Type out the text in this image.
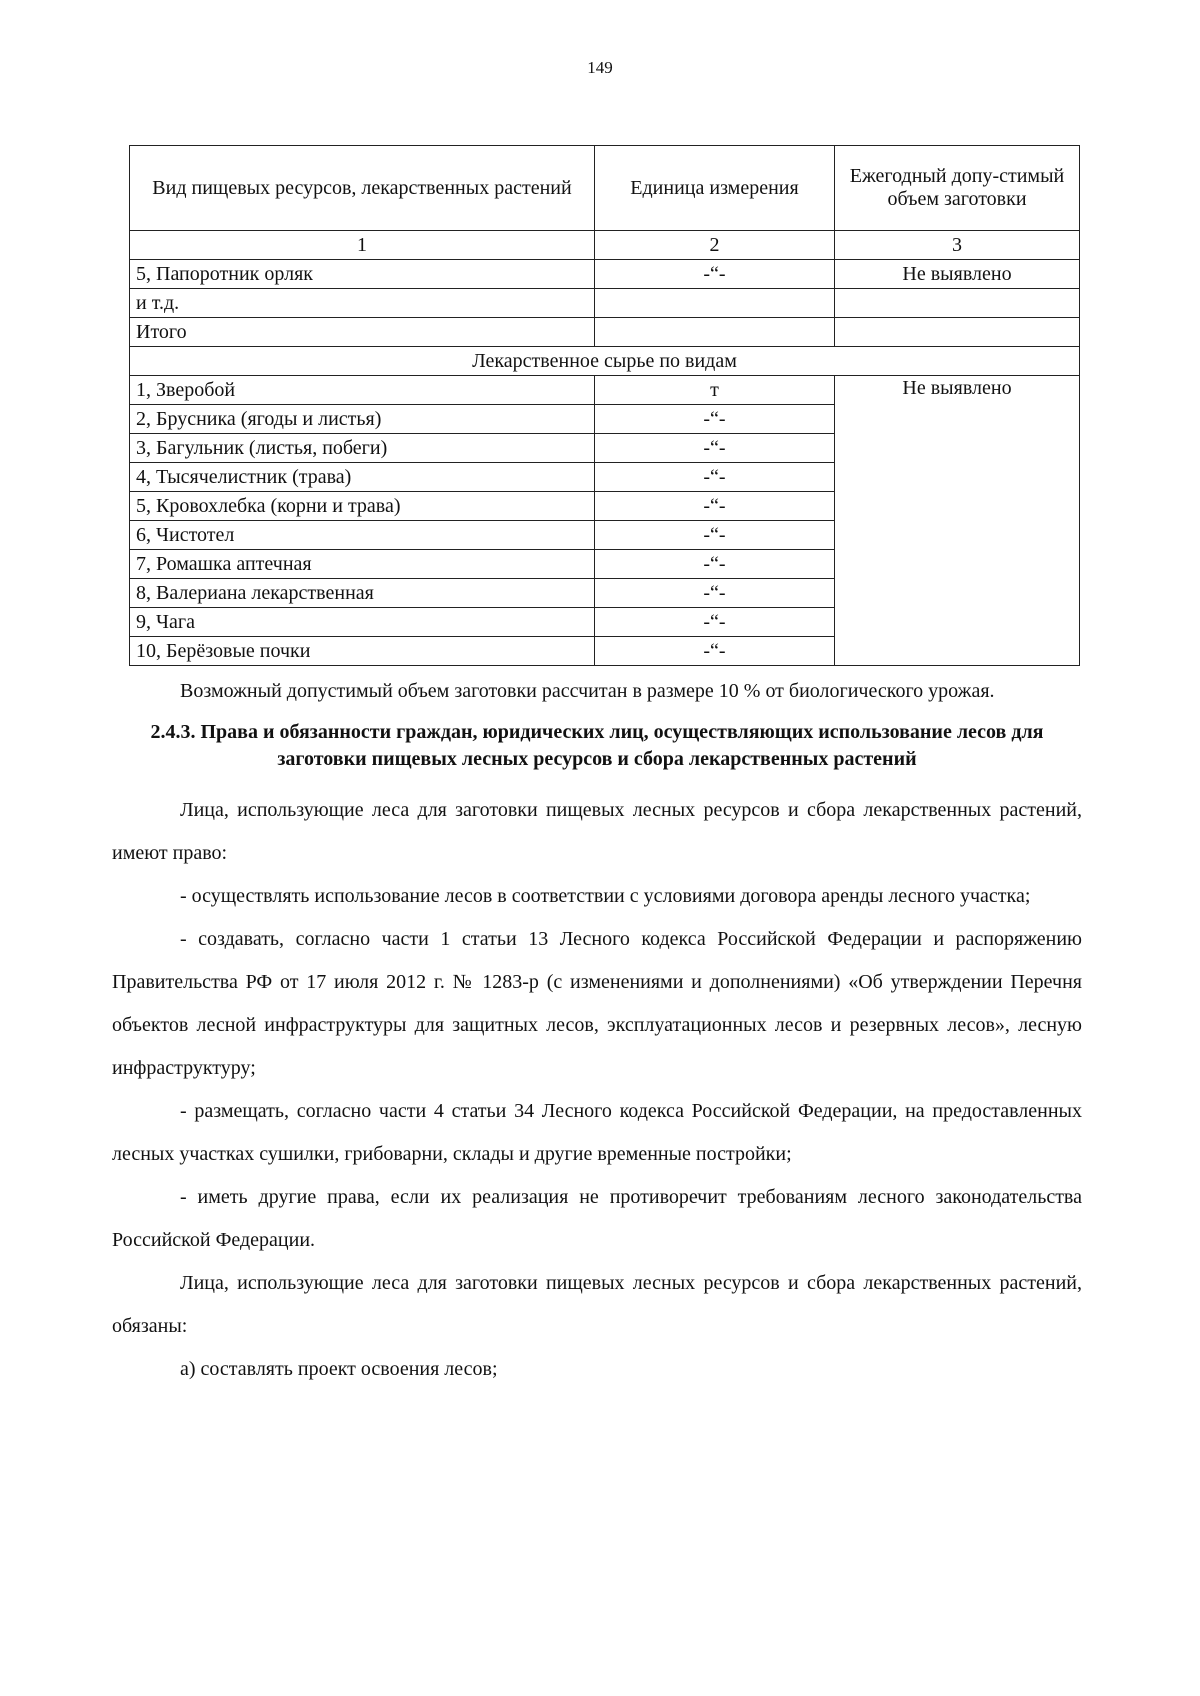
149
Вид пищевых ресурсов, лекарственных растений	Единица измерения	Ежегодный допу-стимый объем заготовки
1	2	3
5, Папоротник орляк	-“-	Не выявлено
и т.д.		
Итого		
Лекарственное сырье по видам		
1, Зверобой	т	Не выявлено
2, Брусника (ягоды и листья)	-“-	
3, Багульник (листья, побеги)	-“-	
4, Тысячелистник (трава)	-“-	
5, Кровохлебка (корни и трава)	-“-	
6, Чистотел	-“-	
7, Ромашка аптечная	-“-	
8, Валериана лекарственная	-“-	
9, Чага	-“-	
10, Берёзовые почки	-“-	

Возможный допустимый объем заготовки рассчитан в размере 10 % от биологического урожая.

2.4.3. Права и обязанности граждан, юридических лиц, осуществляющих использование лесов для заготовки пищевых лесных ресурсов и сбора лекарственных растений

Лица, использующие леса для заготовки пищевых лесных ресурсов и сбора лекарственных растений, имеют право:

- осуществлять использование лесов в соответствии с условиями договора аренды лесного участка;

- создавать, согласно части 1 статьи 13 Лесного кодекса Российской Федерации и распоряжению Правительства РФ от 17 июля 2012 г. № 1283-р (с изменениями и дополнениями) «Об утверждении Перечня объектов лесной инфраструктуры для защитных лесов, эксплуатационных лесов и резервных лесов», лесную инфраструктуру;

- размещать, согласно части 4 статьи 34 Лесного кодекса Российской Федерации, на предоставленных лесных участках сушилки, грибоварни, склады и другие временные постройки;

- иметь другие права, если их реализация не противоречит требованиям лесного законодательства Российской Федерации.

Лица, использующие леса для заготовки пищевых лесных ресурсов и сбора лекарственных растений, обязаны:

а) составлять проект освоения лесов;
